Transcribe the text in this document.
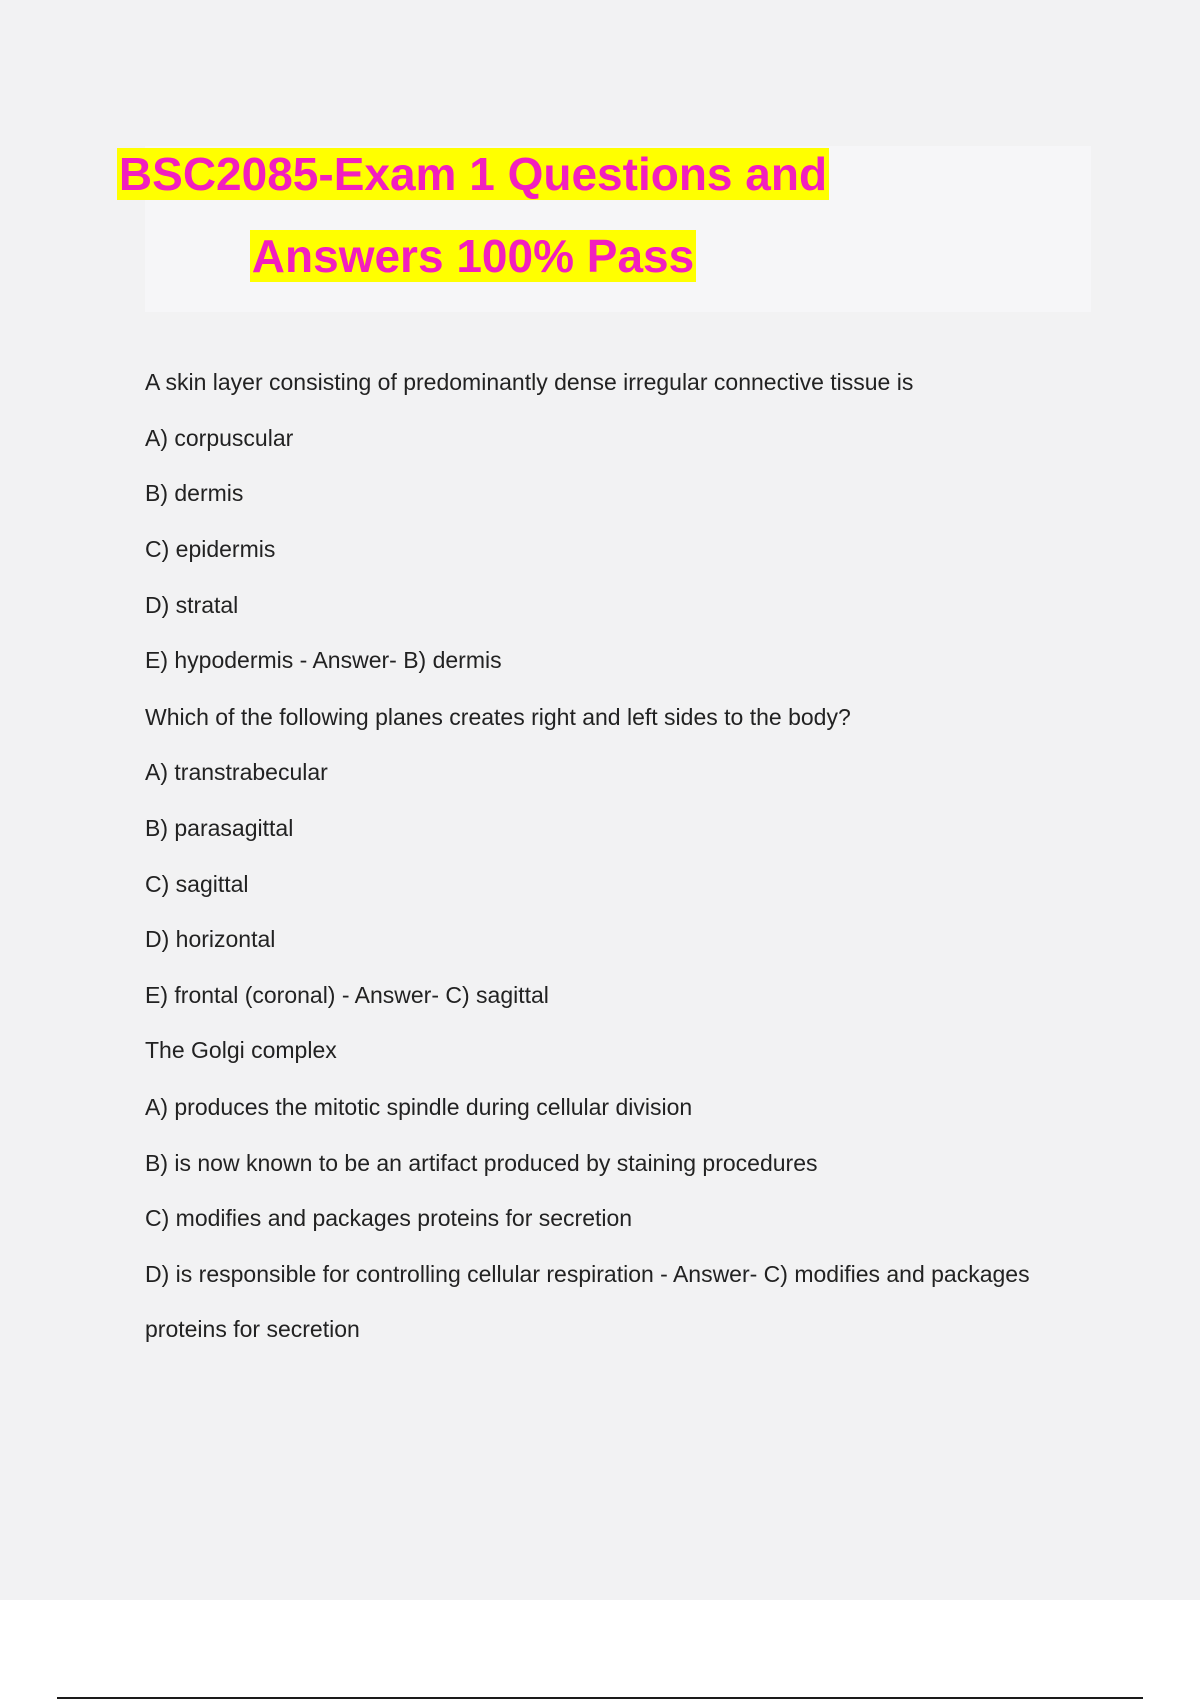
BSC2085-Exam 1 Questions and
Answers 100% Pass
A skin layer consisting of predominantly dense irregular connective tissue is
A) corpuscular
B) dermis
C) epidermis
D) stratal
E) hypodermis - Answer- B) dermis
Which of the following planes creates right and left sides to the body?
A) transtrabecular
B) parasagittal
C) sagittal
D) horizontal
E) frontal (coronal) - Answer- C) sagittal
The Golgi complex
A) produces the mitotic spindle during cellular division
B) is now known to be an artifact produced by staining procedures
C) modifies and packages proteins for secretion
D) is responsible for controlling cellular respiration - Answer- C) modifies and packages
proteins for secretion
